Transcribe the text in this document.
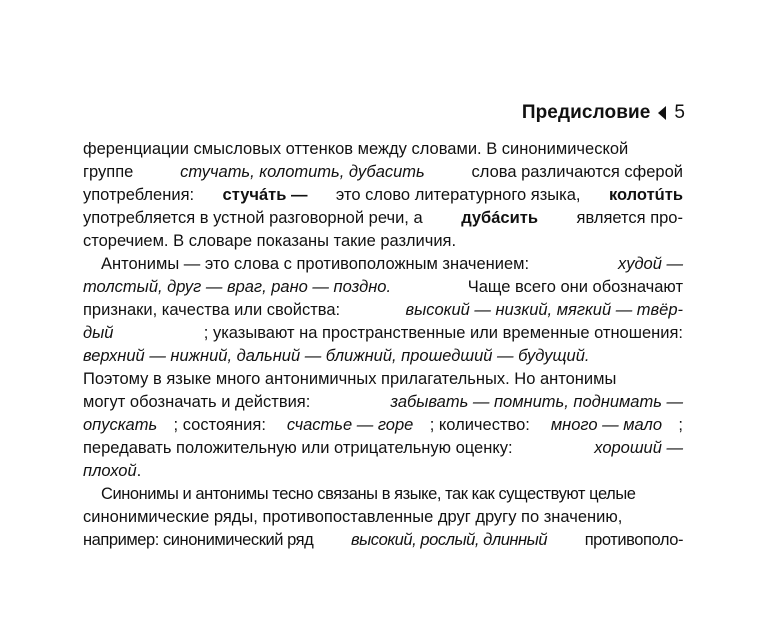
Предисловие 5
ференциации смысловых оттенков между словами. В синонимической
группе	стучать, колотить, дубасить	слова различаются сферой
употребления: стучáть — это слово литературного языка, колотúть
употребляется в устной разговорной речи, а дубáсить является про-
сторечием. В словаре показаны такие различия.
Антонимы — это слова с противоположным значением:	худой —
толстый, друг — враг, рано — поздно.	Чаще всего они обозначают
признаки, качества или свойства:	высокий — низкий, мягкий — твёр-
дый	; указывают на пространственные или временные отношения:
верхний — нижний, дальний — ближний, прошедший — будущий.
Поэтому в языке много антонимичных прилагательных. Но антонимы
могут обозначать и действия:	забывать — помнить, поднимать —
опускать ; состояния: счастье — горе ; количество: много — мало ;
передавать положительную или отрицательную оценку:	хороший —
плохой .
Синонимы и антонимы тесно связаны в языке, так как существуют целые
синонимические ряды, противопоставленные друг другу по значению,
например: синонимический ряд высокий, рослый, длинный противополо-
